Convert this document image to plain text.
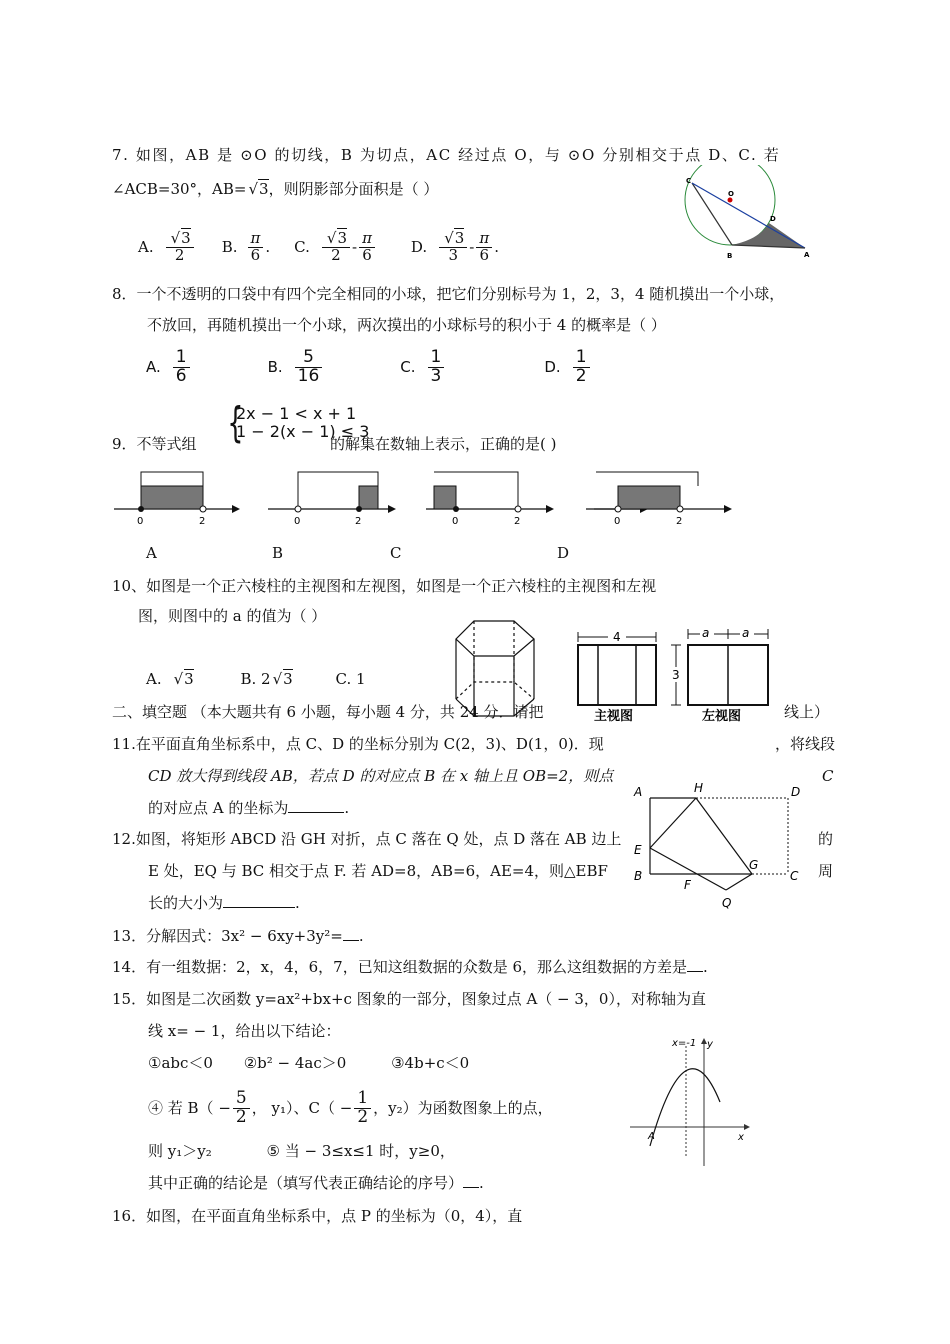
7. 如图，AB 是 ⊙O 的切线，B 为切点，AC 经过点 O，与 ⊙O 分别相交于点 D、C. 若
∠ACB=30°，AB= √ 3，则阴影部分面积是（ ）
A. √ $\frac{3}{2} B$. $\frac{\pi}{6}$ . C. √ $\frac{3}{2} - \frac{\pi}{6} D$. √ $\frac{3}{3} - \frac{\pi}{6}$ .
C
O
D
B	A
8．一个不透明的口袋中有四个完全相同的小球，把它们分别标号为 1，2，3，4 随机摸出一个小球，
不放回，再随机摸出一个小球，两次摸出的小球标号的积小于 4 的概率是（ ）
A. $\frac{1}{6}$	B. $\frac{5}{16}$	C. $\frac{1}{3}$	D. $\frac{1}{2}$
9．不等式组 {
2x − 1 < x + 1
1 − 2(x − 1) ≤ 3
的解集在数轴上表示，正确的是( )
0	2	0	2	0	2	0	2
A	B	C	D
10、如图是一个正六棱柱的主视图和左视图，如图是一个正六棱柱的主视图和左视
图，则图中的 a 的值为（ ）
A. √ 3	B. 2 √ 3	C. 1
4
主视图
a	a
3
左视图
二、填空题 （本大题共有 6 小题，每小题 4 分，共 24 分．请把	线上）
11.在平面直角坐标系中，点 C、D 的坐标分别为 C(2，3)、D(1，0)．现	，将线段
CD 放大得到线段 AB，若点 D 的对应点 B 在 x 轴上且 OB=2，则点	C
的对应点 A 的坐标为	.
12.如图，将矩形 ABCD 沿 GH 对折，点 C 落在 Q 处，点 D 落在 AB 边上	的
E 处，EQ 与 BC 相交于点 F. 若 AD=8，AB=6，AE=4，则△EBF	周
长的大小为	.
A	H	D
E
G
B
F
C
Q
13．分解因式：3x² − 6xy+3y²= .
14．有一组数据：2，x，4，6，7，已知这组数据的众数是 6，那么这组数据的方差是 .
15．如图是二次函数 y=ax²+bx+c 图象的一部分，图象过点 A（ − 3，0），对称轴为直
线 x= − 1，给出以下结论：
①abc＜0 ②b² − 4ac＞0	③4b+c＜0
④ 若 $B( - \frac{5}{2}$ ， y₁）、$C( - \frac{1}{2}$ ，y₂）为函数图象上的点，
则 y₁＞y₂	⑤ 当 − 3≤x≤1 时，y≥0，
其中正确的结论是（填写代表正确结论的序号） .
x=-1 y
x
A
16．如图，在平面直角坐标系中，点 P 的坐标为（0，4），直
